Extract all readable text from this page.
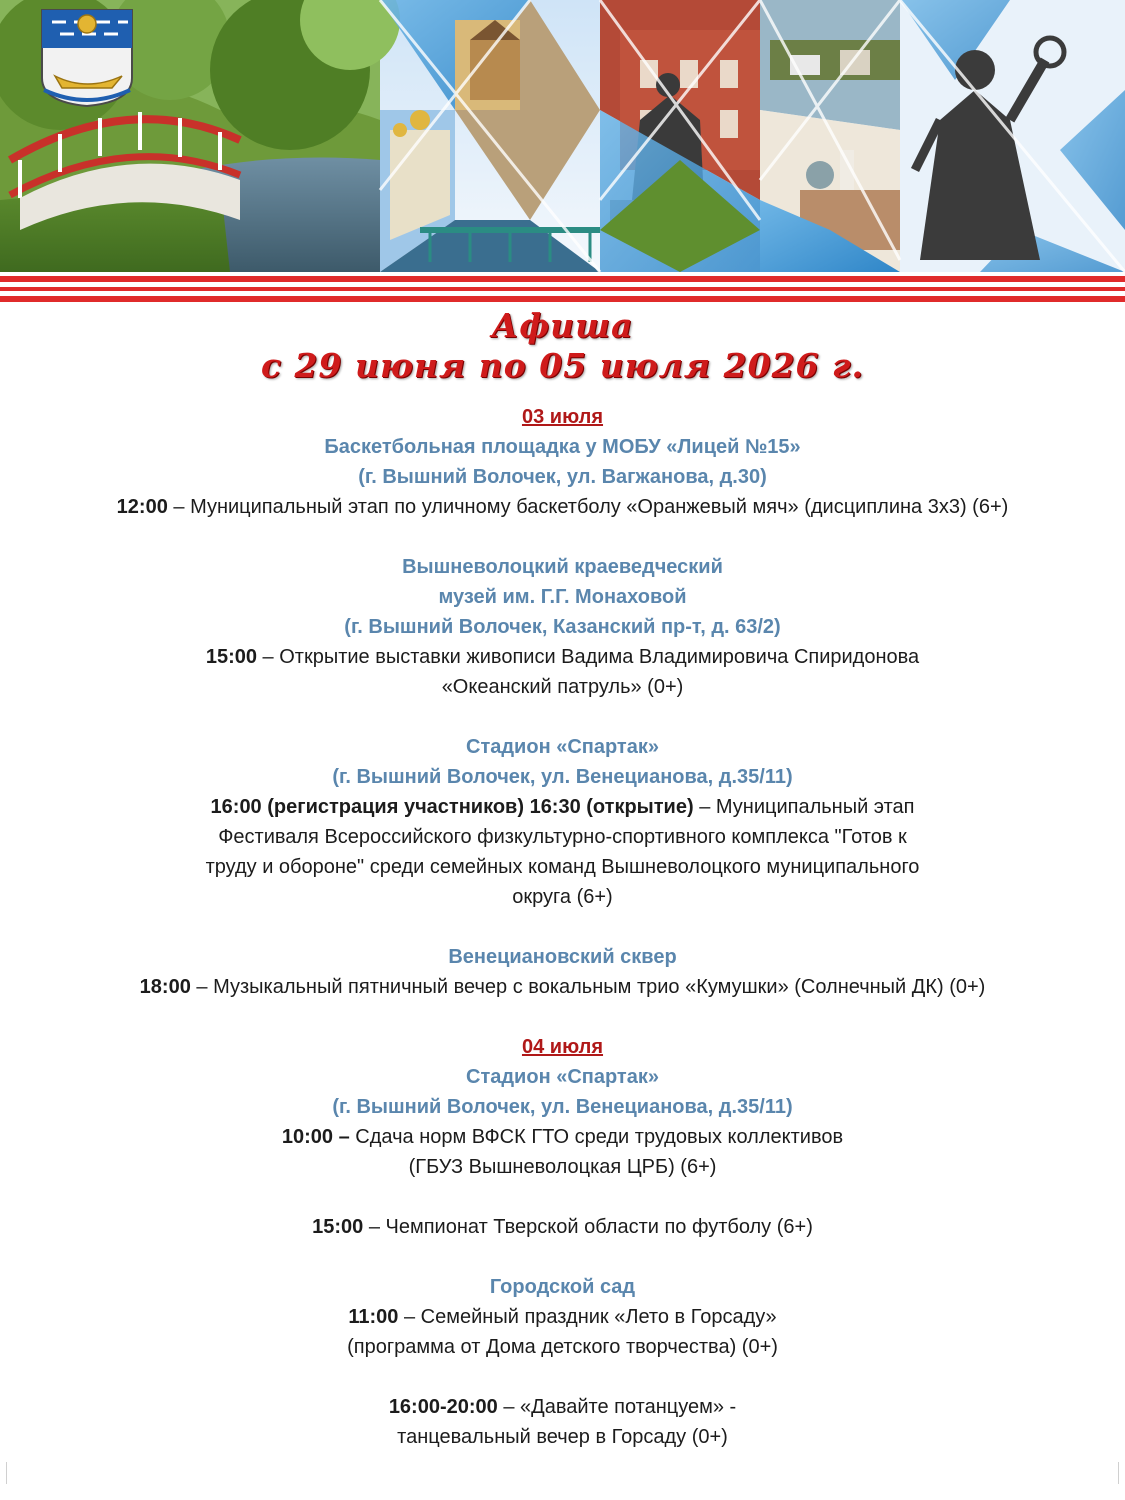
Афиша
с 29 июня по 05 июля 2026 г.
03 июля
Баскетбольная площадка у МОБУ «Лицей №15»
(г. Вышний Волочек, ул. Вагжанова, д.30)
12:00 – Муниципальный этап по уличному баскетболу «Оранжевый мяч» (дисциплина 3х3) (6+)
Вышневолоцкий краеведческий
музей им. Г.Г. Монаховой
(г. Вышний Волочек, Казанский пр-т, д. 63/2)
15:00 – Открытие выставки живописи Вадима Владимировича Спиридонова
«Океанский патруль» (0+)
Стадион «Спартак»
(г. Вышний Волочек, ул. Венецианова, д.35/11)
16:00 (регистрация участников) 16:30 (открытие) – Муниципальный этап
Фестиваля Всероссийского физкультурно-спортивного комплекса "Готов к
труду и обороне" среди семейных команд Вышневолоцкого муниципального
округа (6+)
Венециановский сквер
18:00 – Музыкальный пятничный вечер с вокальным трио «Кумушки» (Солнечный ДК) (0+)
04 июля
Стадион «Спартак»
(г. Вышний Волочек, ул. Венецианова, д.35/11)
10:00 – Сдача норм ВФСК ГТО среди трудовых коллективов
(ГБУЗ Вышневолоцкая ЦРБ) (6+)
15:00 – Чемпионат Тверской области по футболу (6+)
Городской сад
11:00 – Семейный праздник «Лето в Горсаду»
(программа от Дома детского творчества) (0+)
16:00-20:00 – «Давайте потанцуем» -
танцевальный вечер в Горсаду (0+)
